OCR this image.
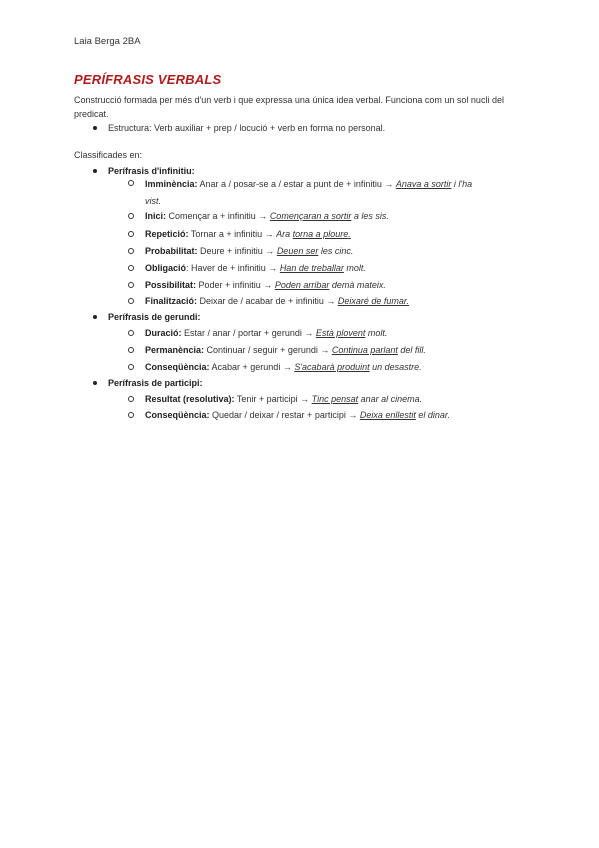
Laia Berga 2BA
PERÍFRASIS VERBALS
Construcció formada per més d'un verb i que expressa una única idea verbal. Funciona com un sol nucli del predicat.
Estructura: Verb auxiliar + prep / locució + verb en forma no personal.
Classificades en:
Perífrasis d'infinitiu:
Imminència: Anar a / posar-se a / estar a punt de + infinitiu → Anava a sortir i l'ha
vist.
Inici: Començar a + infinitiu → Començaran a sortir a les sis.
Repetició: Tornar a + infinitiu → Ara torna a ploure.
Probabilitat: Deure + infinitiu → Deuen ser les cinc.
Obligació: Haver de + infinitiu → Han de treballar molt.
Possibilitat: Poder + infinitiu → Poden arribar demà mateix.
Finalització: Deixar de / acabar de + infinitiu → Deixaré de fumar.
Perífrasis de gerundi:
Duració: Estar / anar / portar + gerundi → Està plovent molt.
Permanència: Continuar / seguir + gerundi → Continua parlant del fill.
Conseqüència: Acabar + gerundi → S'acabarà produint un desastre.
Perífrasis de participi:
Resultat (resolutiva): Tenir + participi → Tinc pensat anar al cinema.
Conseqüència: Quedar / deixar / restar + participi → Deixa enllestit el dinar.
